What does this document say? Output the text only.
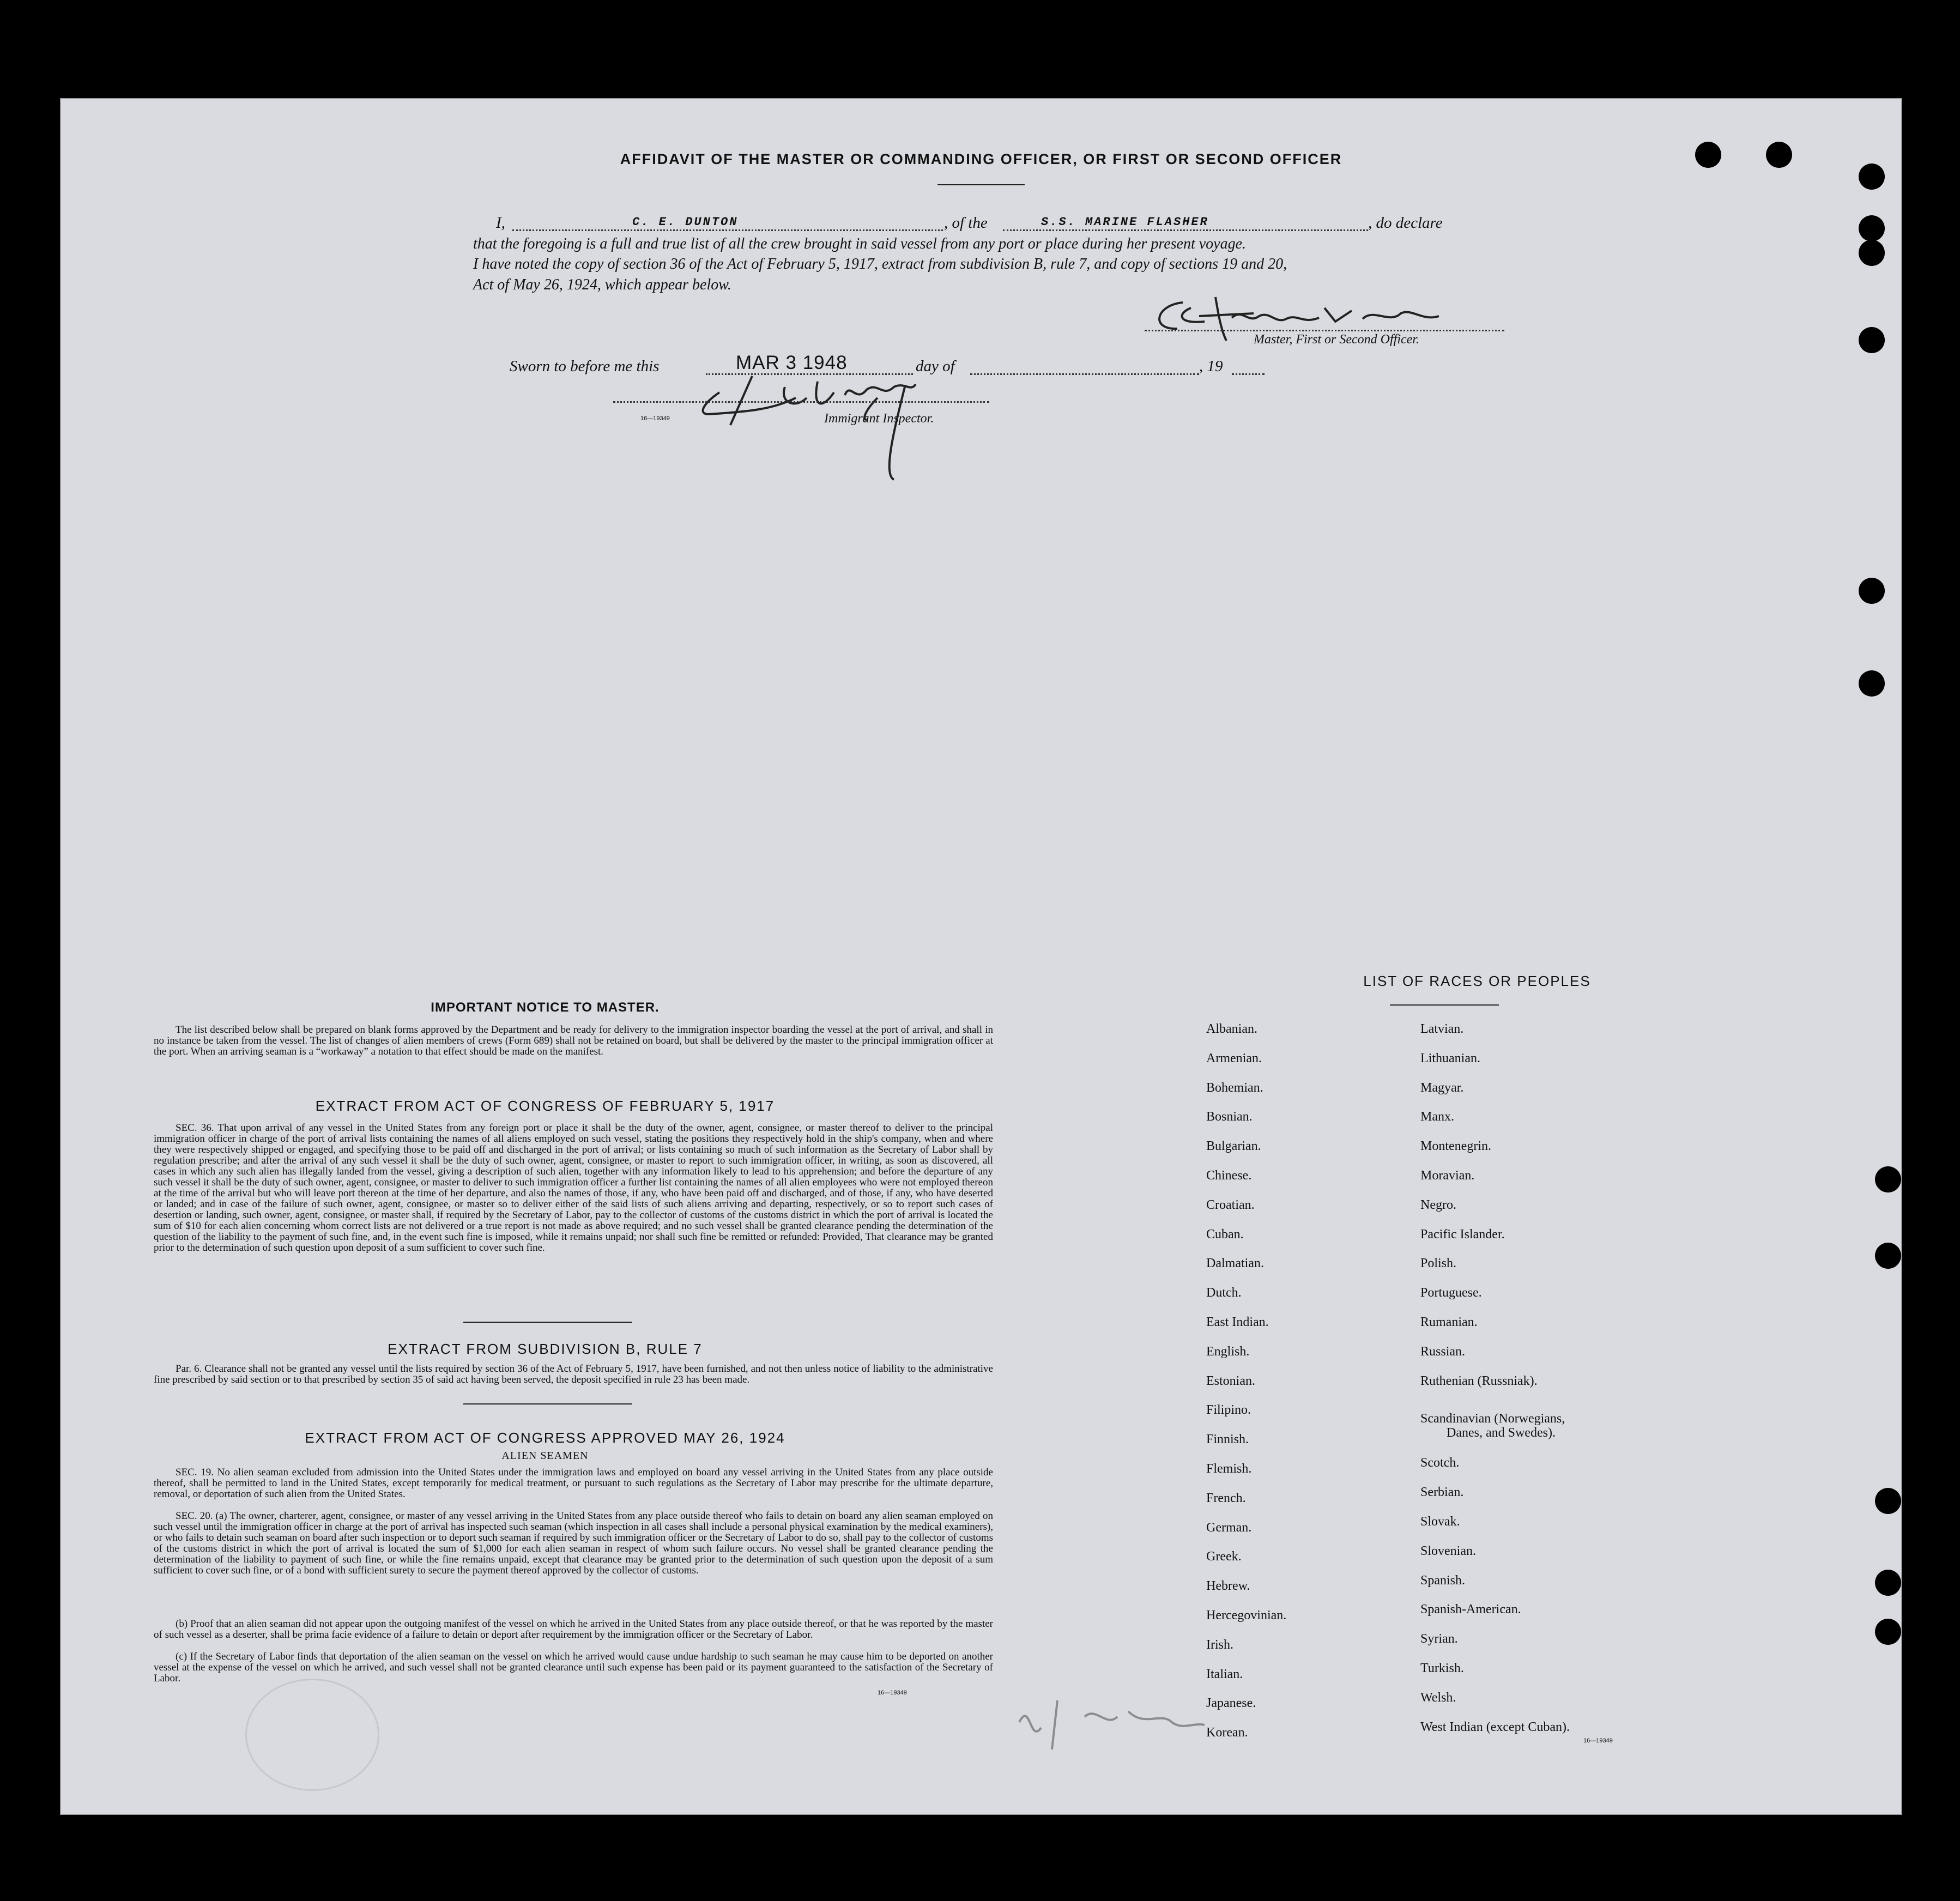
AFFIDAVIT OF THE MASTER OR COMMANDING OFFICER, OR FIRST OR SECOND OFFICER
I,	C. E. DUNTON	, of the	S.S. MARINE FLASHER	, do declare
that the foregoing is a full and true list of all the crew brought in said vessel from any port or place during her present voyage.
I have noted the copy of section 36 of the Act of February 5, 1917, extract from subdivision B, rule 7, and copy of sections 19 and 20,
Act of May 26, 1924, which appear below.
Master, First or Second Officer.
Sworn to before me this	MAR 3 1948	day of	, 19
16—19349	Immigrant Inspector.
IMPORTANT NOTICE TO MASTER.
The list described below shall be prepared on blank forms approved by the Department and be ready for delivery to the immigration inspector boarding the vessel at the port of arrival, and shall in no instance be taken from the vessel. The list of changes of alien members of crews (Form 689) shall not be retained on board, but shall be delivered by the master to the principal immigration officer at the port. When an arriving seaman is a “workaway” a notation to that effect should be made on the manifest.
EXTRACT FROM ACT OF CONGRESS OF FEBRUARY 5, 1917
SEC. 36. That upon arrival of any vessel in the United States from any foreign port or place it shall be the duty of the owner, agent, consignee, or master thereof to deliver to the principal immigration officer in charge of the port of arrival lists containing the names of all aliens employed on such vessel, stating the positions they respectively hold in the ship's company, when and where they were respectively shipped or engaged, and specifying those to be paid off and discharged in the port of arrival; or lists containing so much of such information as the Secretary of Labor shall by regulation prescribe; and after the arrival of any such vessel it shall be the duty of such owner, agent, consignee, or master to report to such immigration officer, in writing, as soon as discovered, all cases in which any such alien has illegally landed from the vessel, giving a description of such alien, together with any information likely to lead to his apprehension; and before the departure of any such vessel it shall be the duty of such owner, agent, consignee, or master to deliver to such immigration officer a further list containing the names of all alien employees who were not employed thereon at the time of the arrival but who will leave port thereon at the time of her departure, and also the names of those, if any, who have been paid off and discharged, and of those, if any, who have deserted or landed; and in case of the failure of such owner, agent, consignee, or master so to deliver either of the said lists of such aliens arriving and departing, respectively, or so to report such cases of desertion or landing, such owner, agent, consignee, or master shall, if required by the Secretary of Labor, pay to the collector of customs of the customs district in which the port of arrival is located the sum of $10 for each alien concerning whom correct lists are not delivered or a true report is not made as above required; and no such vessel shall be granted clearance pending the determination of the question of the liability to the payment of such fine, and, in the event such fine is imposed, while it remains unpaid; nor shall such fine be remitted or refunded: Provided, That clearance may be granted prior to the determination of such question upon deposit of a sum sufficient to cover such fine.
EXTRACT FROM SUBDIVISION B, RULE 7
Par. 6. Clearance shall not be granted any vessel until the lists required by section 36 of the Act of February 5, 1917, have been furnished, and not then unless notice of liability to the administrative fine prescribed by said section or to that prescribed by section 35 of said act having been served, the deposit specified in rule 23 has been made.
EXTRACT FROM ACT OF CONGRESS APPROVED MAY 26, 1924
ALIEN SEAMEN
SEC. 19. No alien seaman excluded from admission into the United States under the immigration laws and employed on board any vessel arriving in the United States from any place outside thereof, shall be permitted to land in the United States, except temporarily for medical treatment, or pursuant to such regulations as the Secretary of Labor may prescribe for the ultimate departure, removal, or deportation of such alien from the United States.
SEC. 20. (a) The owner, charterer, agent, consignee, or master of any vessel arriving in the United States from any place outside thereof who fails to detain on board any alien seaman employed on such vessel until the immigration officer in charge at the port of arrival has inspected such seaman (which inspection in all cases shall include a personal physical examination by the medical examiners), or who fails to detain such seaman on board after such inspection or to deport such seaman if required by such immigration officer or the Secretary of Labor to do so, shall pay to the collector of customs of the customs district in which the port of arrival is located the sum of $1,000 for each alien seaman in respect of whom such failure occurs. No vessel shall be granted clearance pending the determination of the liability to payment of such fine, or while the fine remains unpaid, except that clearance may be granted prior to the determination of such question upon the deposit of a sum sufficient to cover such fine, or of a bond with sufficient surety to secure the payment thereof approved by the collector of customs.
(b) Proof that an alien seaman did not appear upon the outgoing manifest of the vessel on which he arrived in the United States from any place outside thereof, or that he was reported by the master of such vessel as a deserter, shall be prima facie evidence of a failure to detain or deport after requirement by the immigration officer or the Secretary of Labor.
(c) If the Secretary of Labor finds that deportation of the alien seaman on the vessel on which he arrived would cause undue hardship to such seaman he may cause him to be deported on another vessel at the expense of the vessel on which he arrived, and such vessel shall not be granted clearance until such expense has been paid or its payment guaranteed to the satisfaction of the Secretary of Labor.
16—19349
LIST OF RACES OR PEOPLES
Albanian.
Armenian.
Bohemian.
Bosnian.
Bulgarian.
Chinese.
Croatian.
Cuban.
Dalmatian.
Dutch.
East Indian.
English.
Estonian.
Filipino.
Finnish.
Flemish.
French.
German.
Greek.
Hebrew.
Hercegovinian.
Irish.
Italian.
Japanese.
Korean.
Latvian.
Lithuanian.
Magyar.
Manx.
Montenegrin.
Moravian.
Negro.
Pacific Islander.
Polish.
Portuguese.
Rumanian.
Russian.
Ruthenian (Russniak).
Scandinavian (Norwegians,
Danes, and Swedes).
Scotch.
Serbian.
Slovak.
Slovenian.
Spanish.
Spanish-American.
Syrian.
Turkish.
Welsh.
West Indian (except Cuban).
16—19349
